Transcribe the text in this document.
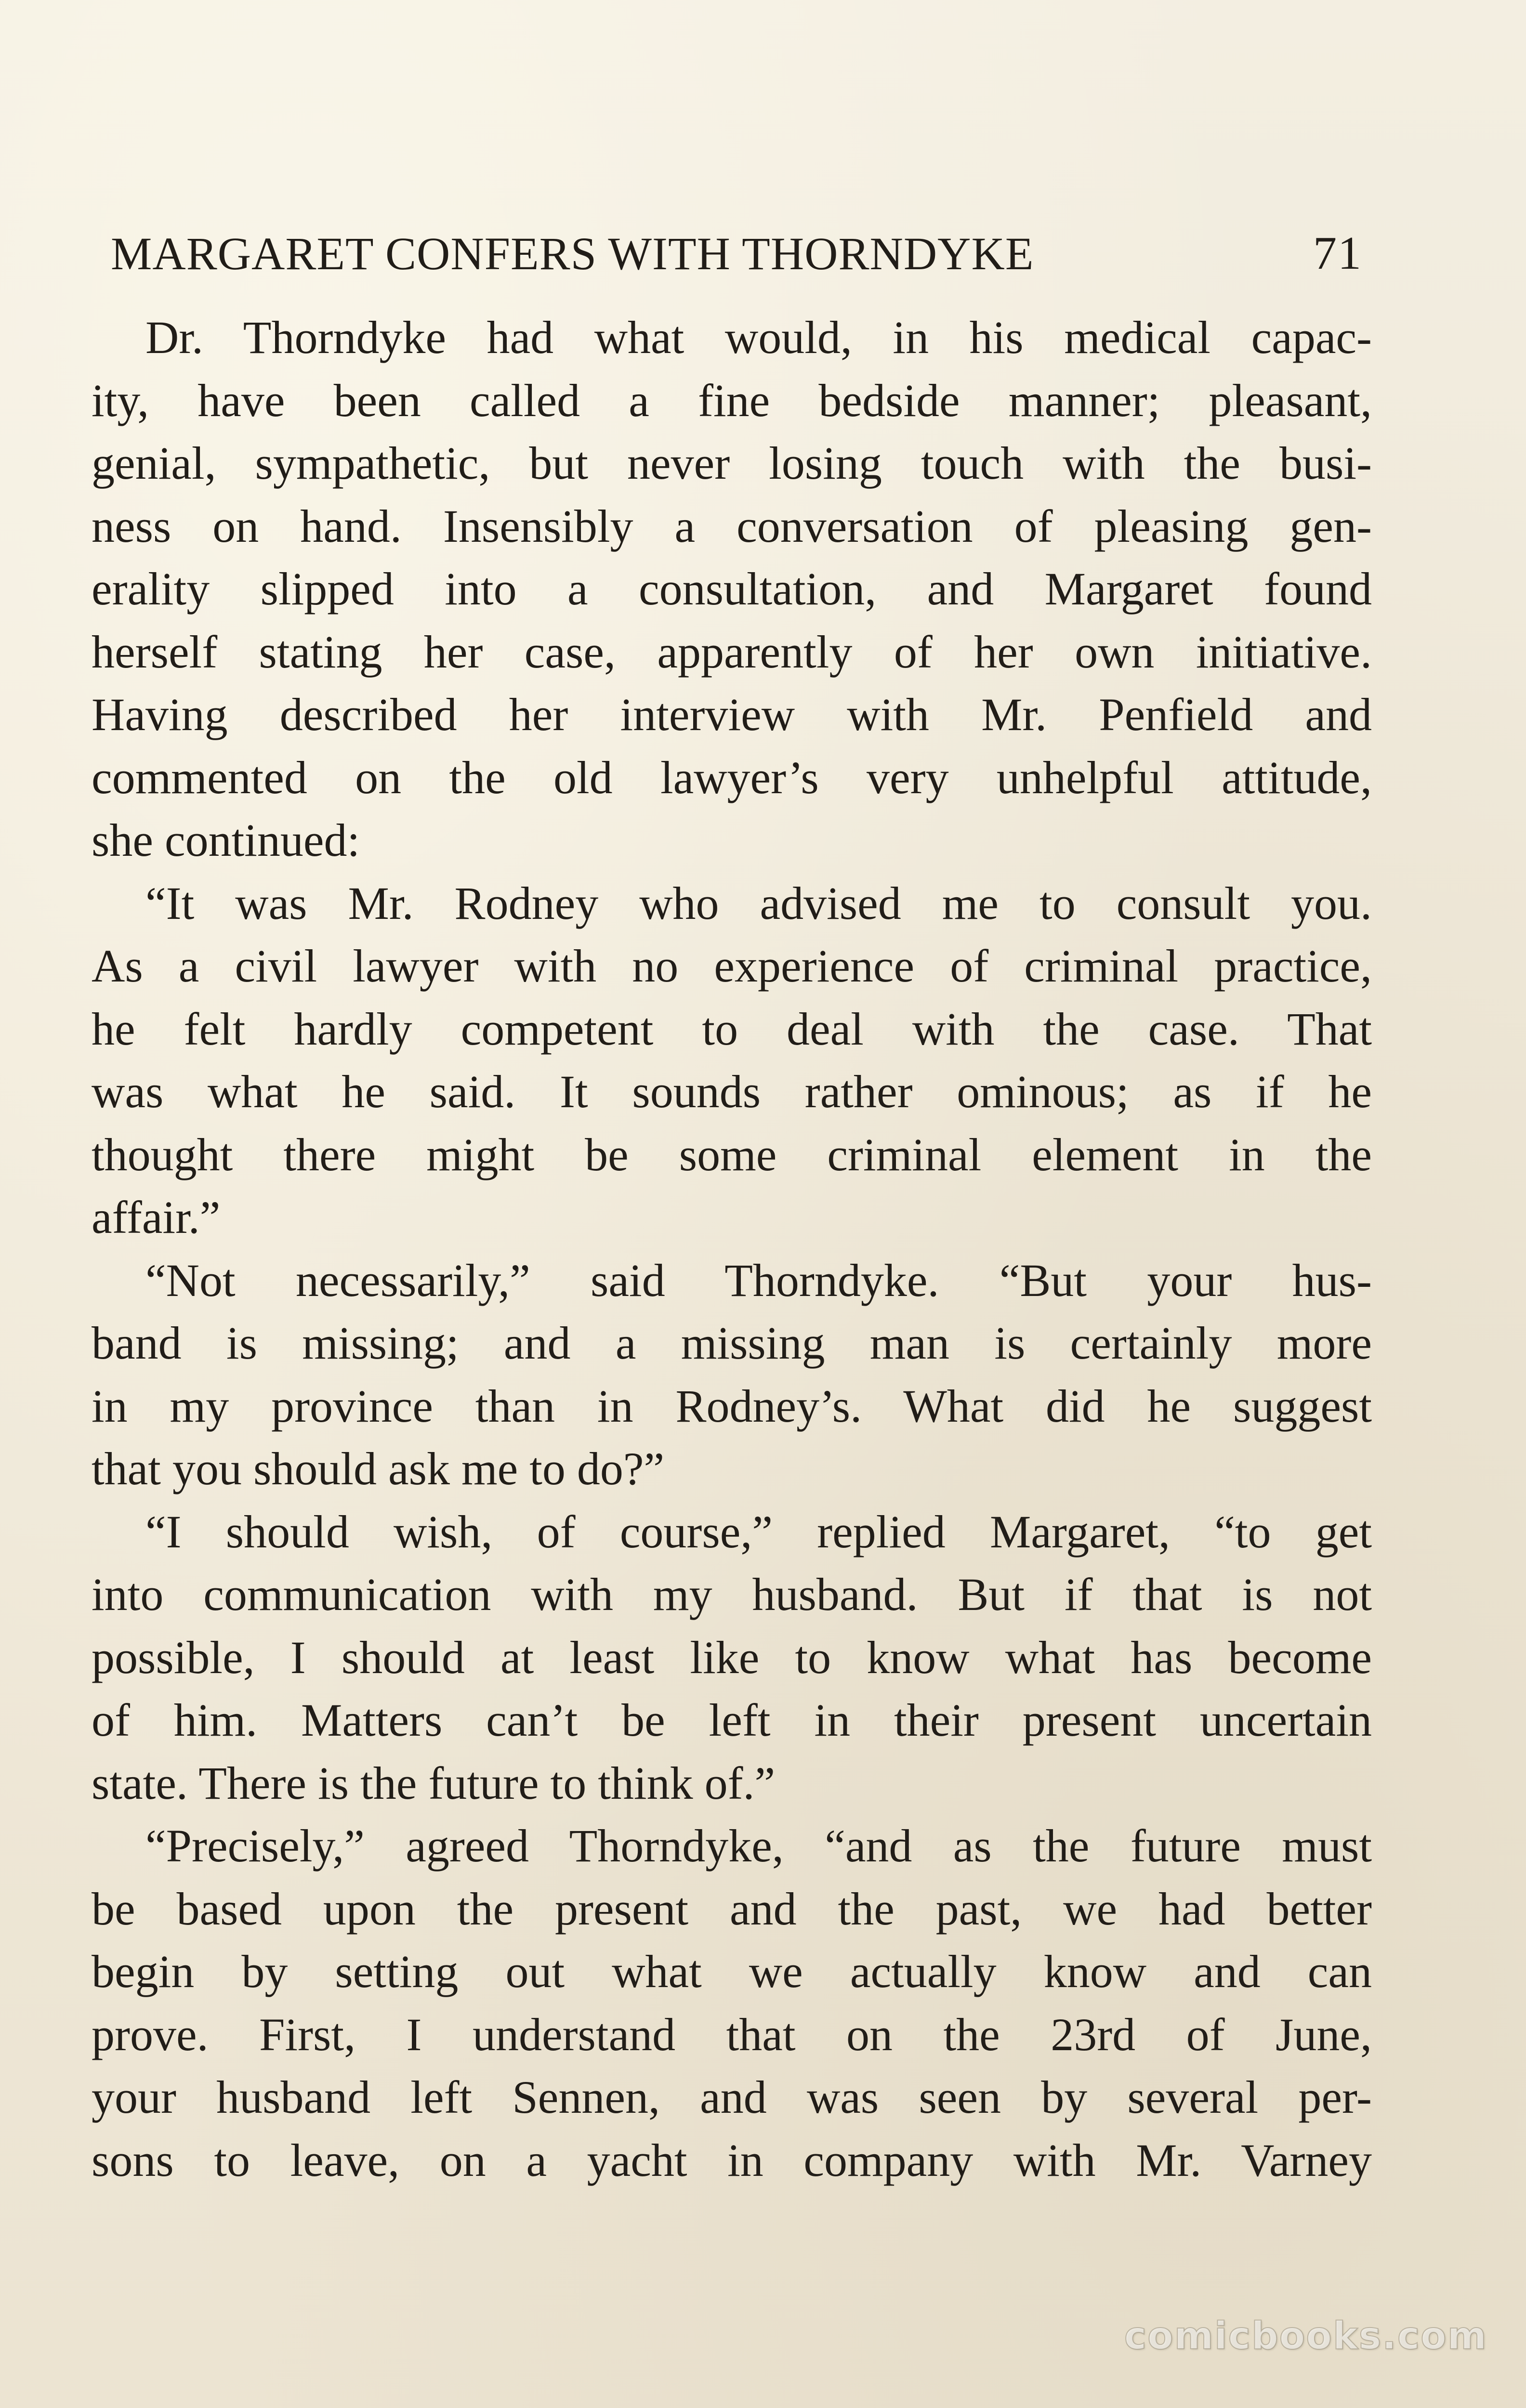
MARGARET CONFERS WITH THORNDYKE	71
Dr. Thorndyke had what would, in his medical capac-
ity, have been called a fine bedside manner; pleasant,
genial, sympathetic, but never losing touch with the busi-
ness on hand. Insensibly a conversation of pleasing gen-
erality slipped into a consultation, and Margaret found
herself stating her case, apparently of her own initiative.
Having described her interview with Mr. Penfield and
commented on the old lawyer’s very unhelpful attitude,
she continued:
“It was Mr. Rodney who advised me to consult you.
As a civil lawyer with no experience of criminal practice,
he felt hardly competent to deal with the case. That
was what he said. It sounds rather ominous; as if he
thought there might be some criminal element in the
affair.”
“Not necessarily,” said Thorndyke. “But your hus-
band is missing; and a missing man is certainly more
in my province than in Rodney’s. What did he suggest
that you should ask me to do?”
“I should wish, of course,” replied Margaret, “to get
into communication with my husband. But if that is not
possible, I should at least like to know what has become
of him. Matters can’t be left in their present uncertain
state. There is the future to think of.”
“Precisely,” agreed Thorndyke, “and as the future must
be based upon the present and the past, we had better
begin by setting out what we actually know and can
prove. First, I understand that on the 23rd of June,
your husband left Sennen, and was seen by several per-
sons to leave, on a yacht in company with Mr. Varney
comicbooks.com
